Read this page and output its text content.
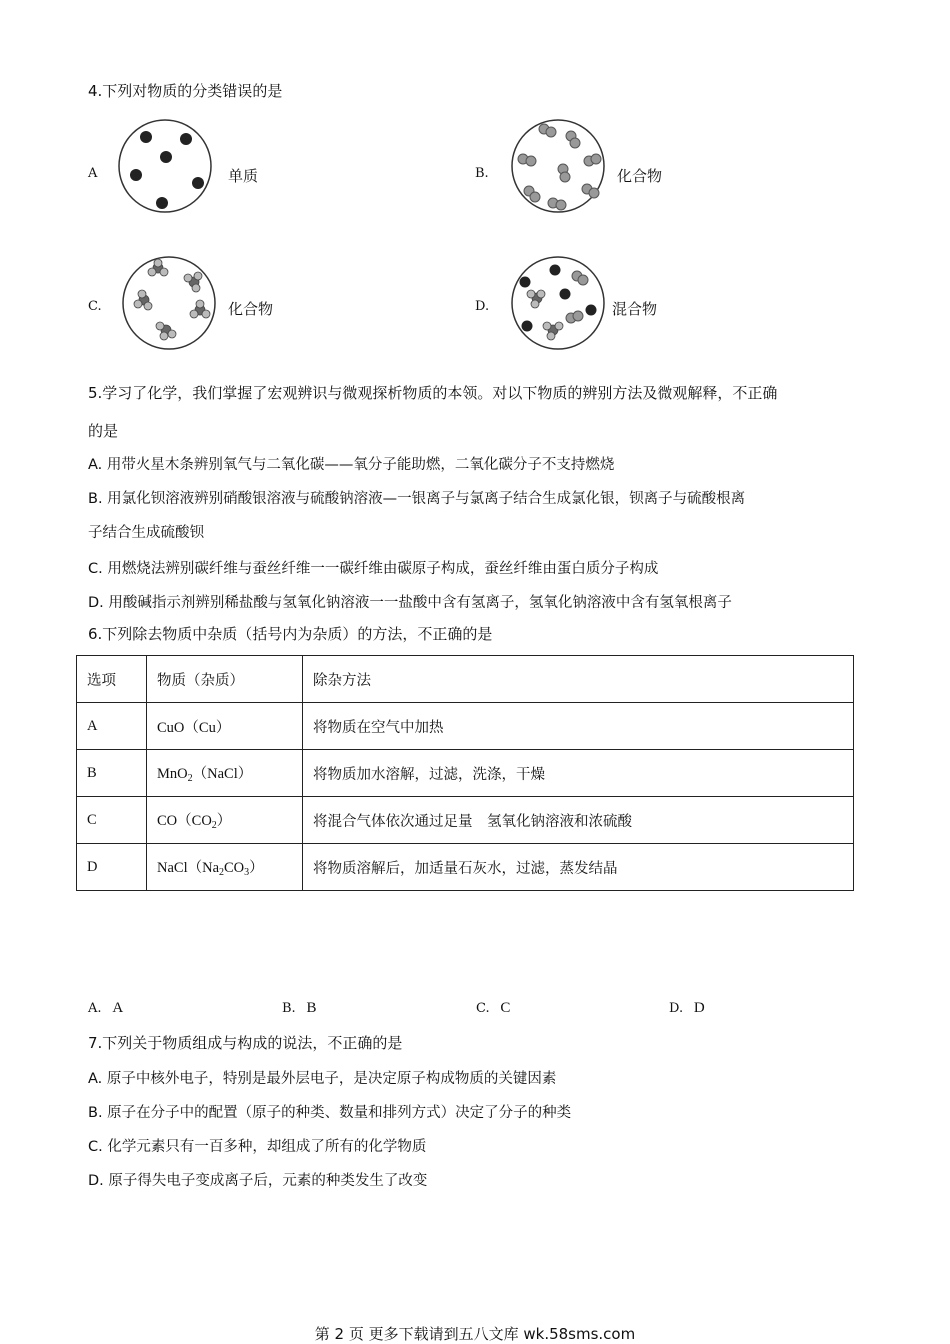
4.下列对物质的分类错误的是
A	单质	B.	化合物
C.	化合物	D.	混合物
5.学习了化学，我们掌握了宏观辨识与微观探析物质的本领。对以下物质的辨别方法及微观解释，不正确
的是
A. 用带火星木条辨别氧气与二氧化碳——氧分子能助燃，二氧化碳分子不支持燃烧
B. 用氯化钡溶液辨别硝酸银溶液与硫酸钠溶液—一银离子与氯离子结合生成氯化银，钡离子与硫酸根离
子结合生成硫酸钡
C. 用燃烧法辨别碳纤维与蚕丝纤维一一碳纤维由碳原子构成，蚕丝纤维由蛋白质分子构成
D. 用酸碱指示剂辨别稀盐酸与氢氧化钠溶液一一盐酸中含有氢离子，氢氧化钠溶液中含有氢氧根离子
6.下列除去物质中杂质（括号内为杂质）的方法，不正确的是
选项	物质（杂质）	除杂方法
A	CuO（Cu）	将物质在空气中加热
B	MnO$_2$（NaCl）	将物质加水溶解，过滤，洗涤，干燥
C	$CO(CO_2)$	将混合气体依次通过足量　氢氧化钠溶液和浓硫酸
D	$NaCl(Na_2CO_3)$	将物质溶解后，加适量石灰水，过滤，蒸发结晶
A. A	B. B	C. C	D. D
7.下列关于物质组成与构成的说法，不正确的是
A. 原子中核外电子，特别是最外层电子，是决定原子构成物质的关键因素
B. 原子在分子中的配置（原子的种类、数量和排列方式）决定了分子的种类
C. 化学元素只有一百多种，却组成了所有的化学物质
D. 原子得失电子变成离子后，元素的种类发生了改变
第 2 页 更多下载请到五八文库 wk.58sms.com
